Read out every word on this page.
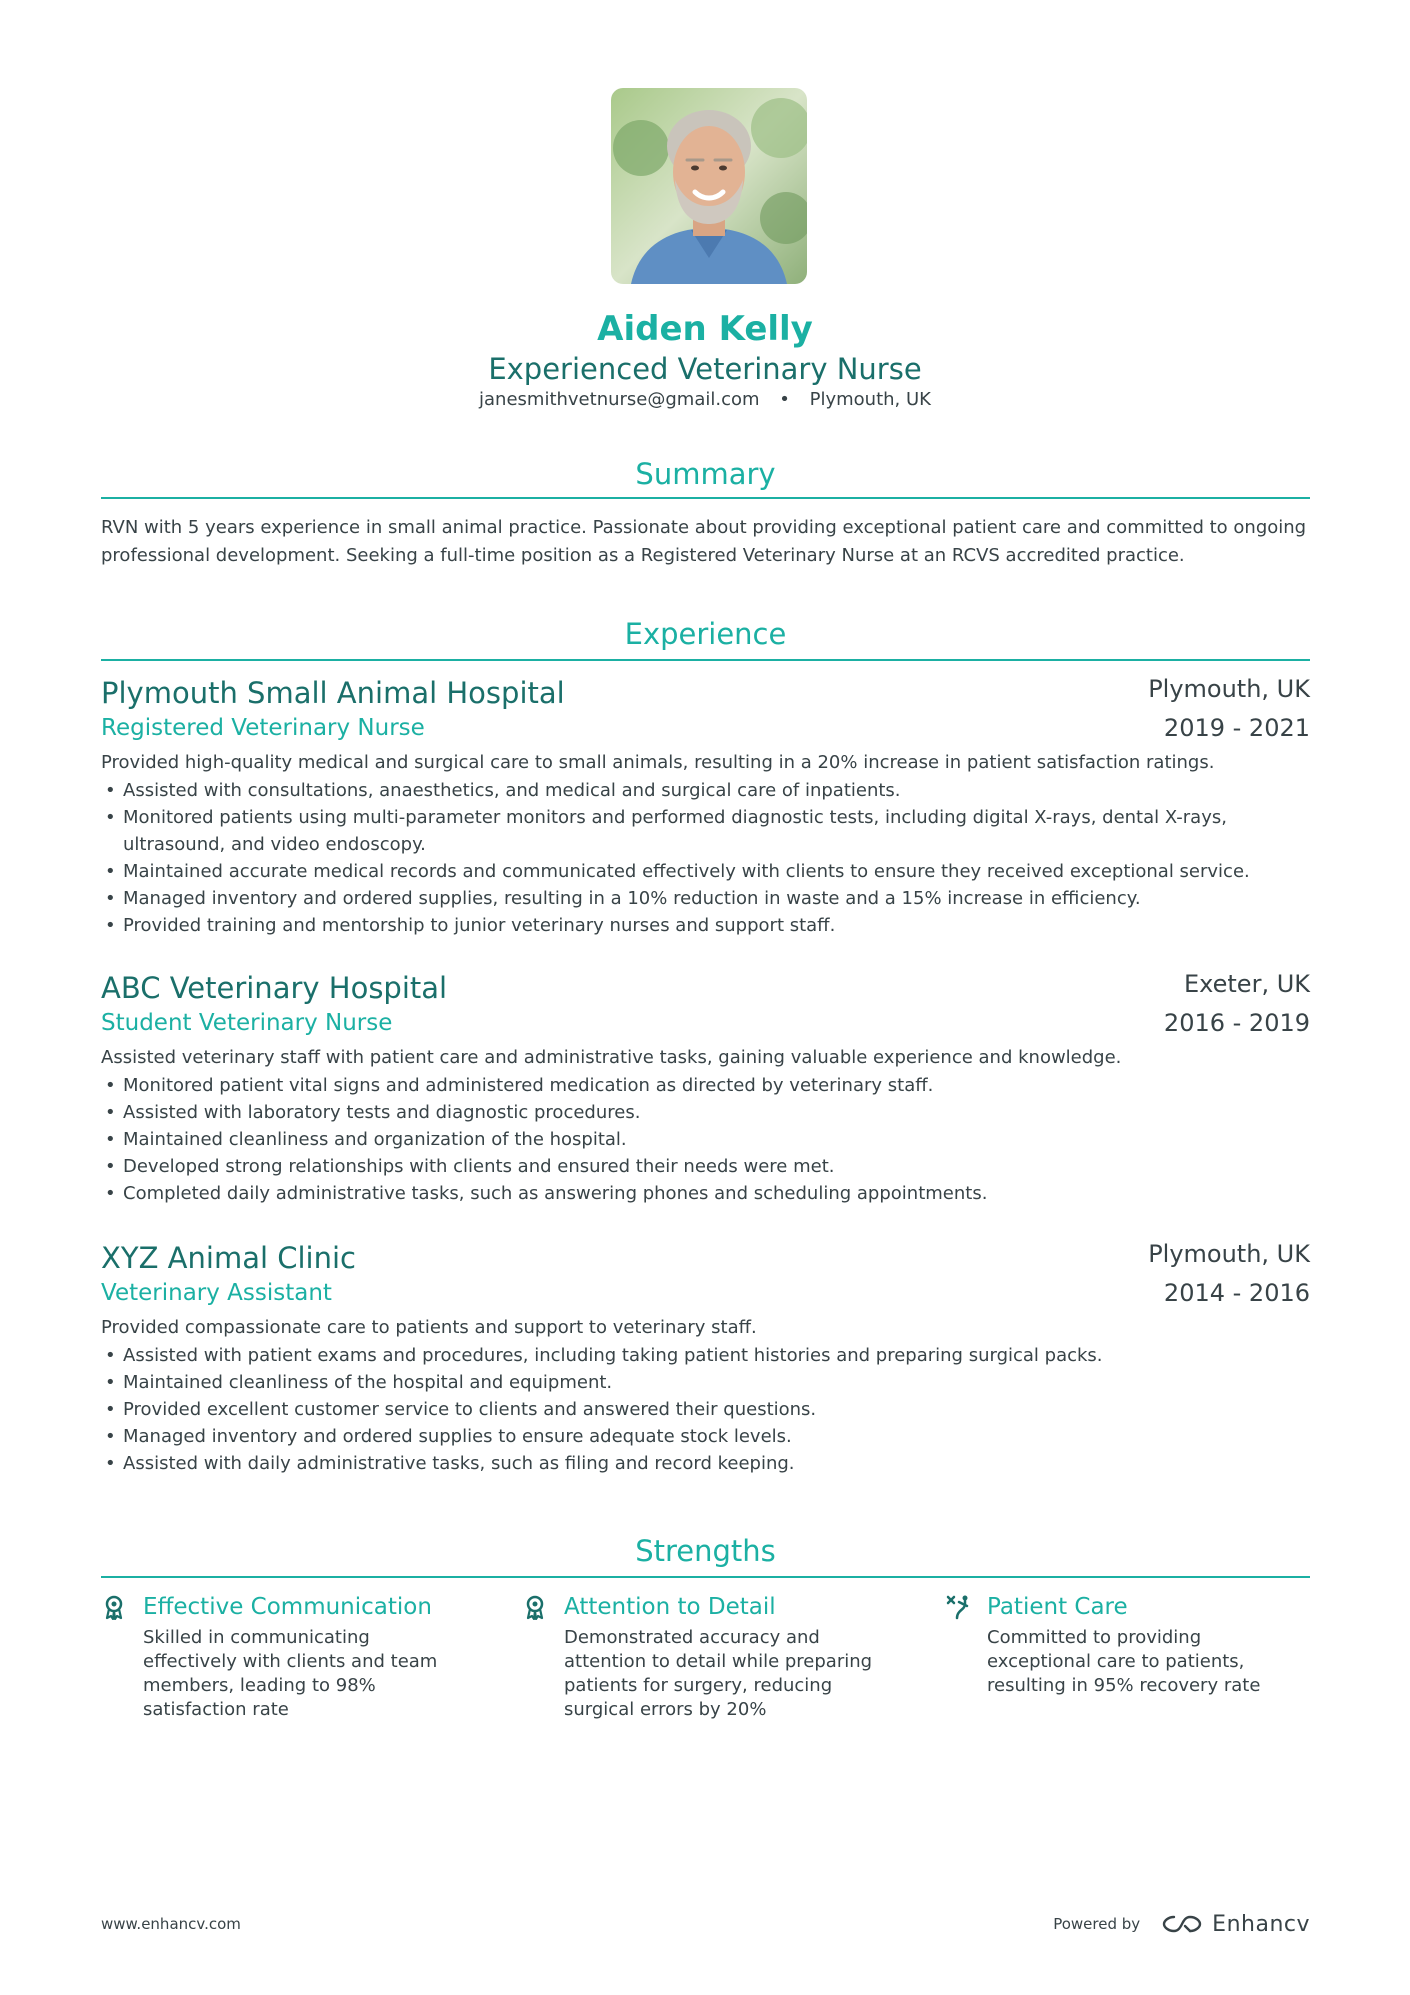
Aiden Kelly
Experienced Veterinary Nurse
janesmithvetnurse@gmail.com • Plymouth, UK
Summary
RVN with 5 years experience in small animal practice. Passionate about providing exceptional patient care and committed to ongoing professional development. Seeking a full-time position as a Registered Veterinary Nurse at an RCVS accredited practice.
Experience
Plymouth Small Animal Hospital	Plymouth, UK
Registered Veterinary Nurse	2019 - 2021
Provided high-quality medical and surgical care to small animals, resulting in a 20% increase in patient satisfaction ratings.
• Assisted with consultations, anaesthetics, and medical and surgical care of inpatients.
• Monitored patients using multi-parameter monitors and performed diagnostic tests, including digital X-rays, dental X-rays, ultrasound, and video endoscopy.
• Maintained accurate medical records and communicated effectively with clients to ensure they received exceptional service.
• Managed inventory and ordered supplies, resulting in a 10% reduction in waste and a 15% increase in efficiency.
• Provided training and mentorship to junior veterinary nurses and support staff.
ABC Veterinary Hospital	Exeter, UK
Student Veterinary Nurse	2016 - 2019
Assisted veterinary staff with patient care and administrative tasks, gaining valuable experience and knowledge.
• Monitored patient vital signs and administered medication as directed by veterinary staff.
• Assisted with laboratory tests and diagnostic procedures.
• Maintained cleanliness and organization of the hospital.
• Developed strong relationships with clients and ensured their needs were met.
• Completed daily administrative tasks, such as answering phones and scheduling appointments.
XYZ Animal Clinic	Plymouth, UK
Veterinary Assistant	2014 - 2016
Provided compassionate care to patients and support to veterinary staff.
• Assisted with patient exams and procedures, including taking patient histories and preparing surgical packs.
• Maintained cleanliness of the hospital and equipment.
• Provided excellent customer service to clients and answered their questions.
• Managed inventory and ordered supplies to ensure adequate stock levels.
• Assisted with daily administrative tasks, such as filing and record keeping.
Strengths
Effective Communication
Skilled in communicating effectively with clients and team members, leading to 98% satisfaction rate
Attention to Detail
Demonstrated accuracy and attention to detail while preparing patients for surgery, reducing surgical errors by 20%
Patient Care
Committed to providing exceptional care to patients, resulting in 95% recovery rate
www.enhancv.com	Powered by	Enhancv
